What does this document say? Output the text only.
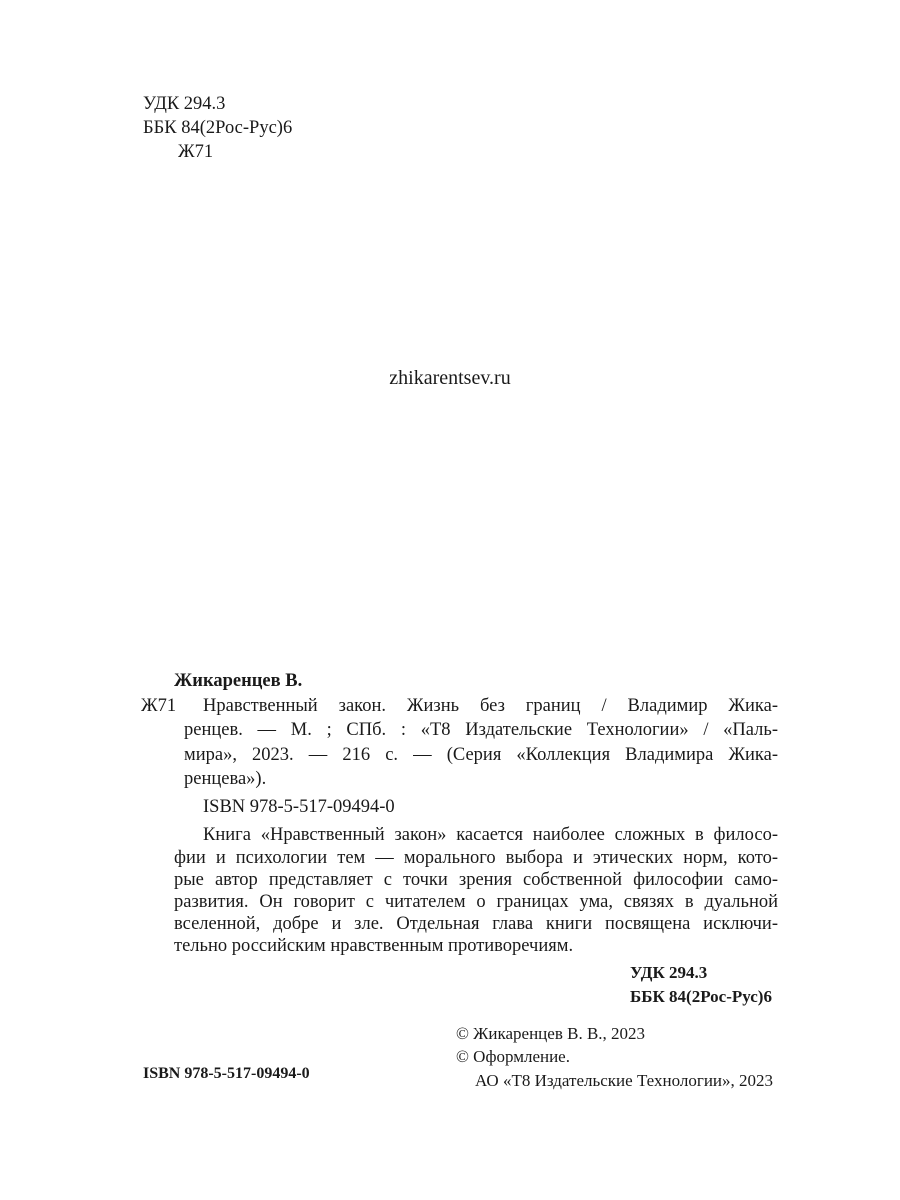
УДК 294.3
ББК 84(2Рос-Рус)6
Ж71
zhikarentsev.ru
Жикаренцев В.
Ж71 Нравственный закон. Жизнь без границ / Владимир Жика-
ренцев. — М. ; СПб. : «Т8 Издательские Технологии» / «Паль-
мира», 2023. — 216 с. — (Серия «Коллекция Владимира Жика-
ренцева»).
ISBN 978-5-517-09494-0
Книга «Нравственный закон» касается наиболее сложных в филосо-
фии и психологии тем — морального выбора и этических норм, кото-
рые автор представляет с точки зрения собственной философии само-
развития. Он говорит с читателем о границах ума, связях в дуальной
вселенной, добре и зле. Отдельная глава книги посвящена исключи-
тельно российским нравственным противоречиям.
УДК 294.3
ББК 84(2Рос-Рус)6
© Жикаренцев В. В., 2023
© Оформление.
АО «Т8 Издательские Технологии», 2023
ISBN 978-5-517-09494-0
